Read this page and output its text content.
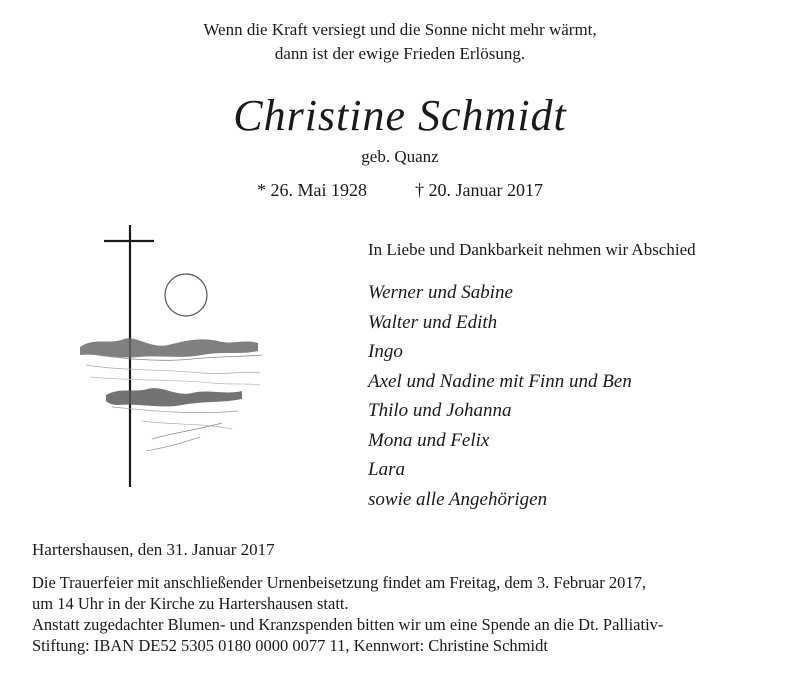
Wenn die Kraft versiegt und die Sonne nicht mehr wärmt,
dann ist der ewige Frieden Erlösung.
Christine Schmidt
geb. Quanz
* 26. Mai 1928	† 20. Januar 2017
In Liebe und Dankbarkeit nehmen wir Abschied
Werner und Sabine
Walter und Edith
Ingo
Axel und Nadine mit Finn und Ben
Thilo und Johanna
Mona und Felix
Lara
sowie alle Angehörigen
Hartershausen, den 31. Januar 2017
Die Trauerfeier mit anschließender Urnenbeisetzung findet am Freitag, dem 3. Februar 2017,
um 14 Uhr in der Kirche zu Hartershausen statt.
Anstatt zugedachter Blumen- und Kranzspenden bitten wir um eine Spende an die Dt. Palliativ-
Stiftung: IBAN DE52 5305 0180 0000 0077 11, Kennwort: Christine Schmidt
